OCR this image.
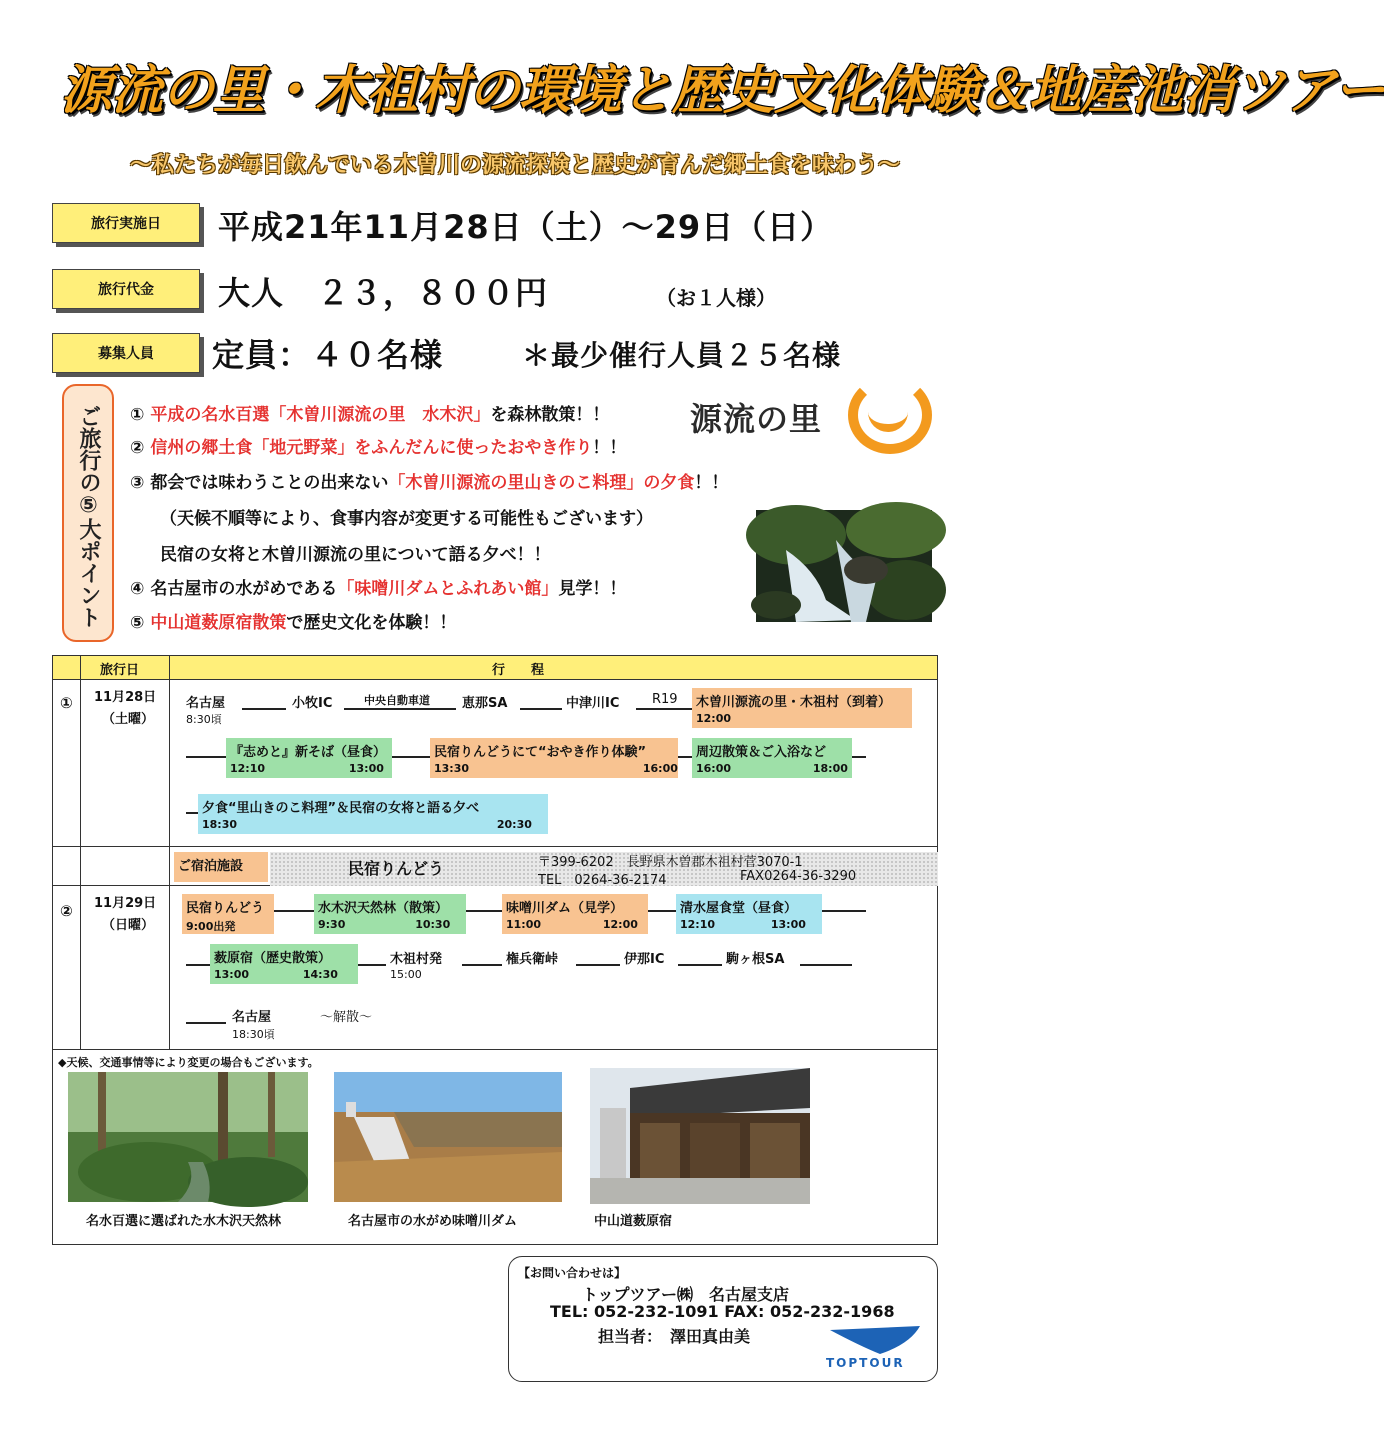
源流の里・木祖村の環境と歴史文化体験＆地産池消ツアー
〜私たちが毎日飲んでいる木曽川の源流探検と歴史が育んだ郷土食を味わう〜
旅行実施日	平成21年11月28日（土）〜29日（日）
旅行代金	大人　２３，８００円	（お１人様）
募集人員	定員：４０名様	＊最少催行人員２５名様
ご旅行の⑤大ポイント	① 平成の名水百選「木曽川源流の里　水木沢」を森林散策！！
② 信州の郷土食「地元野菜」をふんだんに使ったおやき作り！！
③ 都会では味わうことの出来ない「木曽川源流の里山きのこ料理」の夕食！！
（天候不順等により、食事内容が変更する可能性もございます）
民宿の女将と木曽川源流の里について語る夕べ！！
④ 名古屋市の水がめである「味噌川ダムとふれあい館」見学！！
⑤ 中山道薮原宿散策で歴史文化を体験！！
源流の里
旅行日	行　　程
① 11月28日
（土曜）
名古屋
8:30頃
小牧IC	中央自動車道 恵那SA	中津川IC	R19 木曽川源流の里・木祖村（到着）
12:00
『志めと』新そば（昼食）
12:10	13:00
民宿りんどうにて“おやき作り体験”
13:30	16:00
周辺散策＆ご入浴など
16:00	18:00
夕食“里山きのこ料理”＆民宿の女将と語る夕べ
18:30	20:30
ご宿泊施設	民宿りんどう	〒399-6202　長野県木曽郡木祖村菅3070-1
TEL　0264-36-2174	FAX0264-36-3290
② 11月29日
（日曜）
民宿りんどう
9:00出発
水木沢天然林（散策）
9:30	10:30
味噌川ダム（見学）
11:00	12:00
清水屋食堂（昼食）
12:10	13:00
薮原宿（歴史散策）
13:00	14:30
木祖村発
15:00
権兵衛峠	伊那IC	駒ヶ根SA
名古屋
18:30頃
〜解散〜
◆天候、交通事情等により変更の場合もございます。
名水百選に選ばれた水木沢天然林	名古屋市の水がめ味噌川ダム	中山道薮原宿
【お問い合わせは】
トップツアー㈱　名古屋支店
TEL: 052-232-1091 FAX: 052-232-1968
担当者：　澤田真由美
TOPTOUR
